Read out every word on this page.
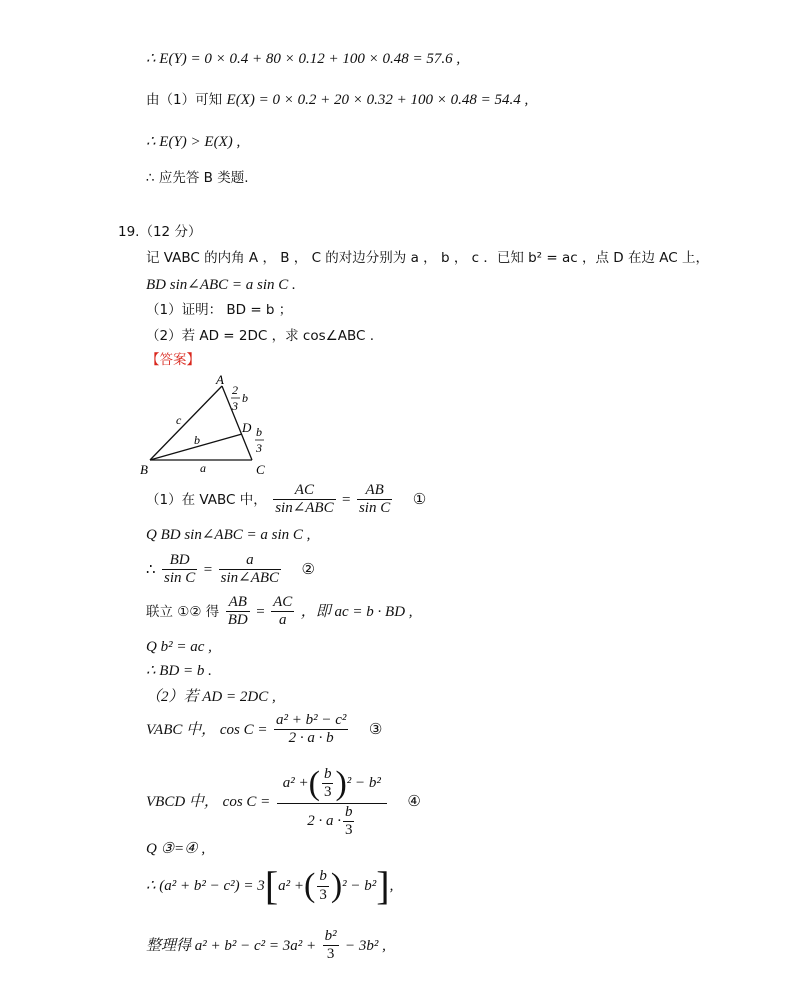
∴ E(Y) = 0 × 0.4 + 80 × 0.12 + 100 × 0.48 = 57.6 ,
由（1）可知 E(X) = 0 × 0.2 + 20 × 0.32 + 100 × 0.48 = 54.4 ,
∴ E(Y) > E(X) ,
∴ 应先答 B 类题.
19.（12 分）
记 VABC 的内角 A ， B ， C 的对边分别为 a ， b ， c ．已知 b² = ac ，点 D 在边 AC 上，
BD sin∠ABC = a sin C .
（1）证明： BD = b ；
（2）若 AD = 2DC ，求 cos∠ABC .
【答案】
A
B	C
D
c
b
a
2
3
b
b
3
（1）在 VABC 中， $\frac{AC}{\text{sin∠ABC}} = \frac{AB}{\text{sin C}}$ ①
Q BD sin∠ABC = a sin C ,
∴ $\frac{BD}{\text{sin C}} = \frac{a}{\text{sin∠ABC}}$ ②
联立 ①② 得 $\frac{AB}{BD} = \frac{AC}{a}$ ，即 ac = b · BD ,
Q b² = ac ,
∴ BD = b .
（2）若 AD = 2DC ,
VABC 中， $\cos C = \frac{\text{a² + b² − c²}}{2 \cdot a \cdot b}$ ③
VBCD 中， $\cos C = \frac{a^2 +( \frac{b}{3} )^2 - b^2}{2 \cdot a \cdot \frac{b}{3}}$ ④
Q ③=④ ,
∴ (a² + b² − c²) = 3[a² +( $\frac{b}{3} )^2 - b^2$],
整理得 $a^2 + b^2 - c^2 = 3a^2 + \frac{\text{b²}}{3} - 3b^2$ ,
